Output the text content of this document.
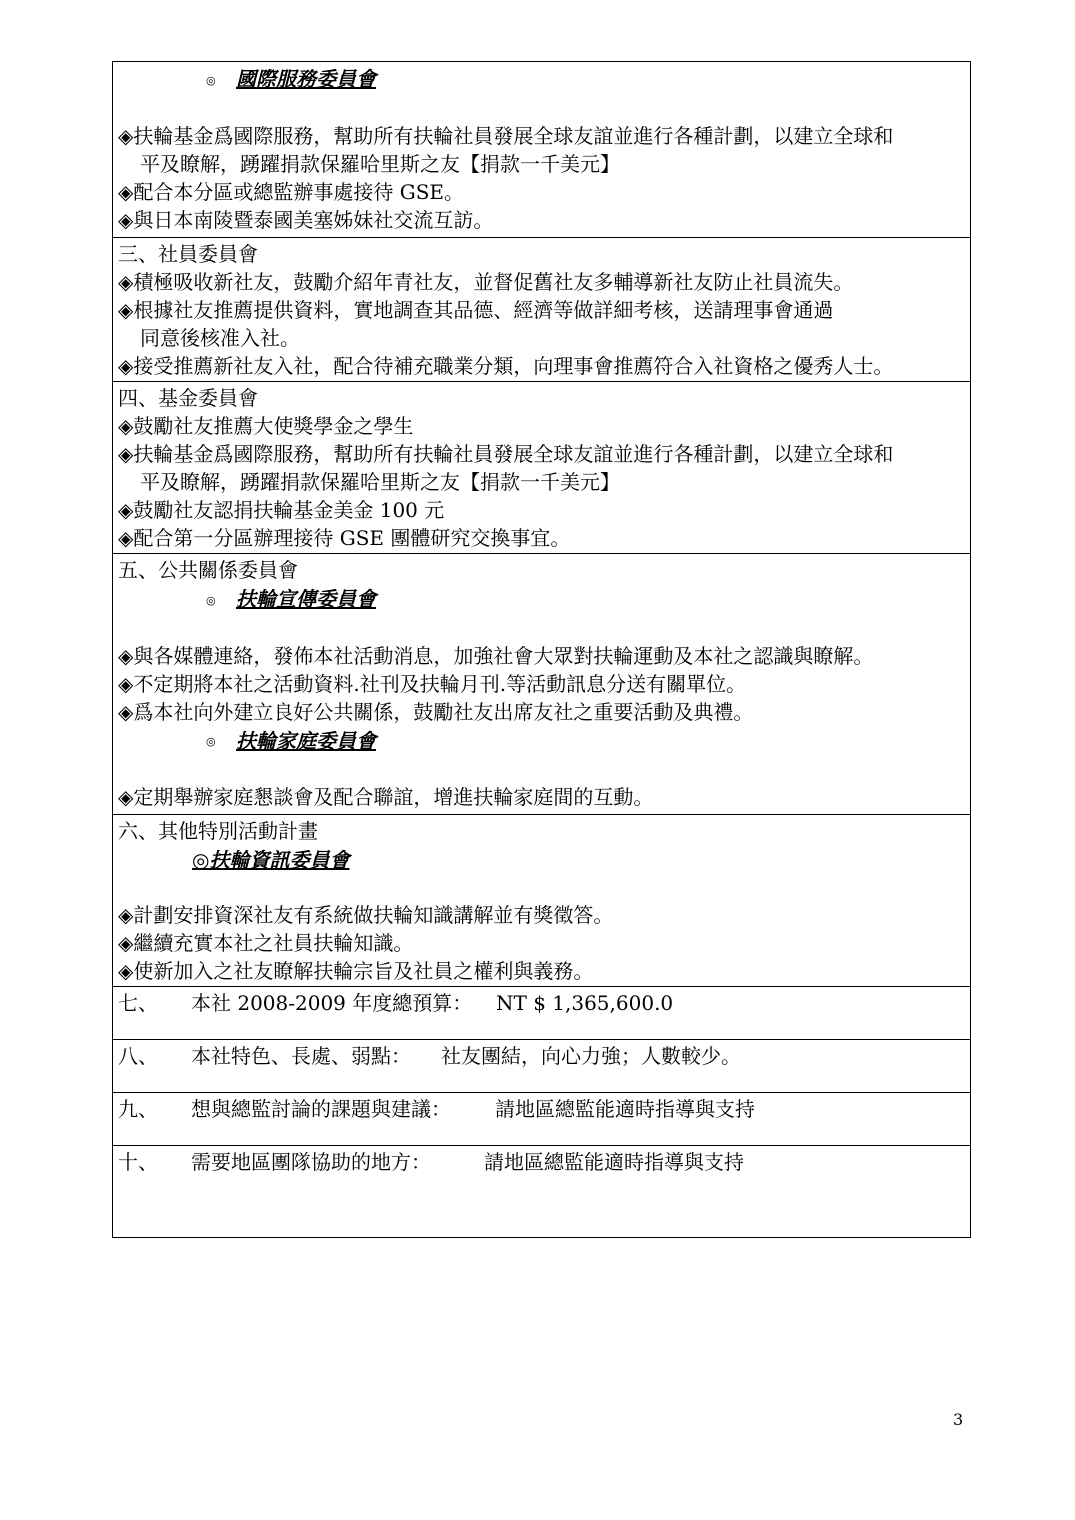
◎ 國際服務委員會
◈扶輪基金爲國際服務，幫助所有扶輪社員發展全球友誼並進行各種計劃，以建立全球和
平及瞭解，踴躍捐款保羅哈里斯之友【捐款一千美元】
◈配合本分區或總監辦事處接待 GSE。
◈與日本南陵暨泰國美塞姊妹社交流互訪。
三、社員委員會
◈積極吸收新社友，鼓勵介紹年青社友，並督促舊社友多輔導新社友防止社員流失。
◈根據社友推薦提供資料，實地調查其品德、經濟等做詳細考核，送請理事會通過
同意後核准入社。
◈接受推薦新社友入社，配合待補充職業分類，向理事會推薦符合入社資格之優秀人士。
四、基金委員會
◈鼓勵社友推薦大使獎學金之學生
◈扶輪基金爲國際服務，幫助所有扶輪社員發展全球友誼並進行各種計劃，以建立全球和
平及瞭解，踴躍捐款保羅哈里斯之友【捐款一千美元】
◈鼓勵社友認捐扶輪基金美金 100 元
◈配合第一分區辦理接待 GSE 團體研究交換事宜。
五、公共關係委員會
◎ 扶輪宣傳委員會
◈與各媒體連絡，發佈本社活動消息，加強社會大眾對扶輪運動及本社之認識與瞭解。
◈不定期將本社之活動資料.社刊及扶輪月刊.等活動訊息分送有關單位。
◈爲本社向外建立良好公共關係，鼓勵社友出席友社之重要活動及典禮。
◎ 扶輪家庭委員會
◈定期舉辦家庭懇談會及配合聯誼，增進扶輪家庭間的互動。
六、其他特別活動計畫
◎扶輪資訊委員會
◈計劃安排資深社友有系統做扶輪知識講解並有獎徵答。
◈繼續充實本社之社員扶輪知識。
◈使新加入之社友瞭解扶輪宗旨及社員之權利與義務。
七、 本社 2008-2009 年度總預算： NT $ 1,365,600.0
八、 本社特色、長處、弱點： 社友團結，向心力強；人數較少。
九、 想與總監討論的課題與建議： 請地區總監能適時指導與支持
十、 需要地區團隊協助的地方：	請地區總監能適時指導與支持
3
